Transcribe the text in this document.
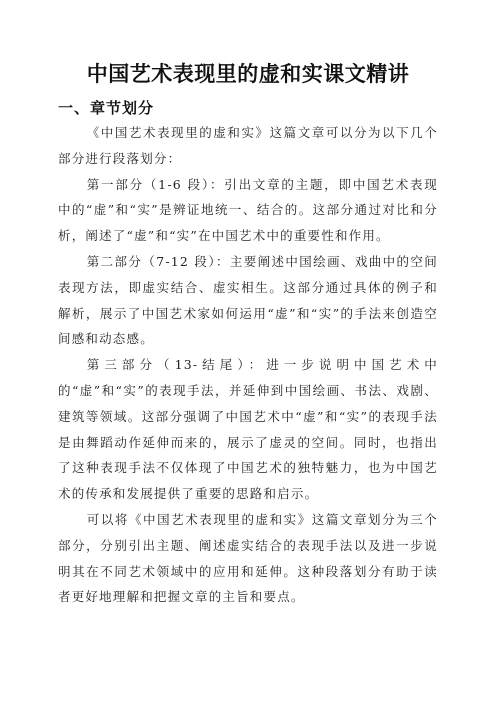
中国艺术表现里的虚和实课文精讲
一、章节划分

《中国艺术表现里的虚和实》这篇文章可以分为以下几个部分进行段落划分：

第一部分（1-6 段）：引出文章的主题，即中国艺术表现中的“虚”和“实”是辨证地统一、结合的。这部分通过对比和分析，阐述了“虚”和“实”在中国艺术中的重要性和作用。

第二部分（7-12 段）：主要阐述中国绘画、戏曲中的空间表现方法，即虚实结合、虚实相生。这部分通过具体的例子和解析，展示了中国艺术家如何运用“虚”和“实”的手法来创造空间感和动态感。

第三部分（13-结尾）：进一步说明中国艺术中的“虚”和“实”的表现手法，并延伸到中国绘画、书法、戏剧、建筑等领域。这部分强调了中国艺术中“虚”和“实”的表现手法是由舞蹈动作延伸而来的，展示了虚灵的空间。同时，也指出了这种表现手法不仅体现了中国艺术的独特魅力，也为中国艺术的传承和发展提供了重要的思路和启示。

可以将《中国艺术表现里的虚和实》这篇文章划分为三个部分，分别引出主题、阐述虚实结合的表现手法以及进一步说明其在不同艺术领域中的应用和延伸。这种段落划分有助于读者更好地理解和把握文章的主旨和要点。
